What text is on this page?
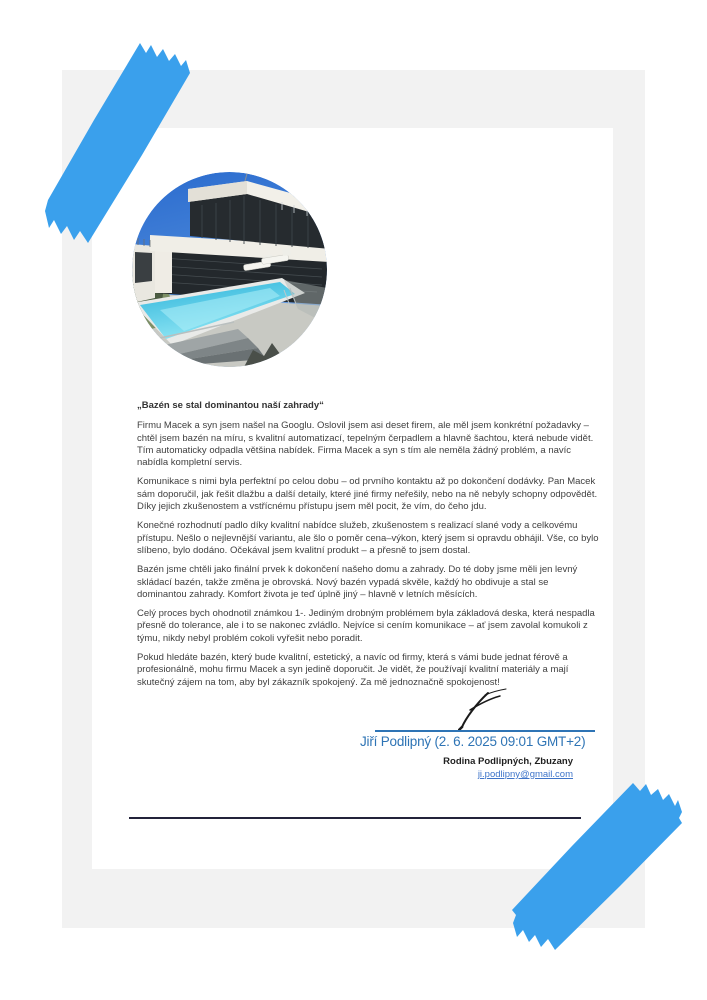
„Bazén se stal dominantou naší zahrady“

Firmu Macek a syn jsem našel na Googlu. Oslovil jsem asi deset firem, ale měl jsem konkrétní požadavky – chtěl jsem bazén na míru, s kvalitní automatizací, tepelným čerpadlem a hlavně šachtou, která nebude vidět. Tím automaticky odpadla většina nabídek. Firma Macek a syn s tím ale neměla žádný problém, a navíc nabídla kompletní servis.

Komunikace s nimi byla perfektní po celou dobu – od prvního kontaktu až po dokončení dodávky. Pan Macek sám doporučil, jak řešit dlažbu a další detaily, které jiné firmy neřešily, nebo na ně nebyly schopny odpovědět. Díky jejich zkušenostem a vstřícnému přístupu jsem měl pocit, že vím, do čeho jdu.

Konečné rozhodnutí padlo díky kvalitní nabídce služeb, zkušenostem s realizací slané vody a celkovému přístupu. Nešlo o nejlevnější variantu, ale šlo o poměr cena–výkon, který jsem si opravdu obhájil. Vše, co bylo slíbeno, bylo dodáno. Očekával jsem kvalitní produkt – a přesně to jsem dostal.

Bazén jsme chtěli jako finální prvek k dokončení našeho domu a zahrady. Do té doby jsme měli jen levný skládací bazén, takže změna je obrovská. Nový bazén vypadá skvěle, každý ho obdivuje a stal se dominantou zahrady. Komfort života je teď úplně jiný – hlavně v letních měsících.

Celý proces bych ohodnotil známkou 1-. Jediným drobným problémem byla základová deska, která nespadla přesně do tolerance, ale i to se nakonec zvládlo. Nejvíce si cením komunikace – ať jsem zavolal komukoli z týmu, nikdy nebyl problém cokoli vyřešit nebo poradit.

Pokud hledáte bazén, který bude kvalitní, estetický, a navíc od firmy, která s vámi bude jednat férově a profesionálně, mohu firmu Macek a syn jedině doporučit. Je vidět, že používají kvalitní materiály a mají skutečný zájem na tom, aby byl zákazník spokojený. Za mě jednoznačně spokojenost!

Jiří Podlipný (2. 6. 2025 09:01 GMT+2)
Rodina Podlipných, Zbuzany
ji.podlipny@gmail.com
